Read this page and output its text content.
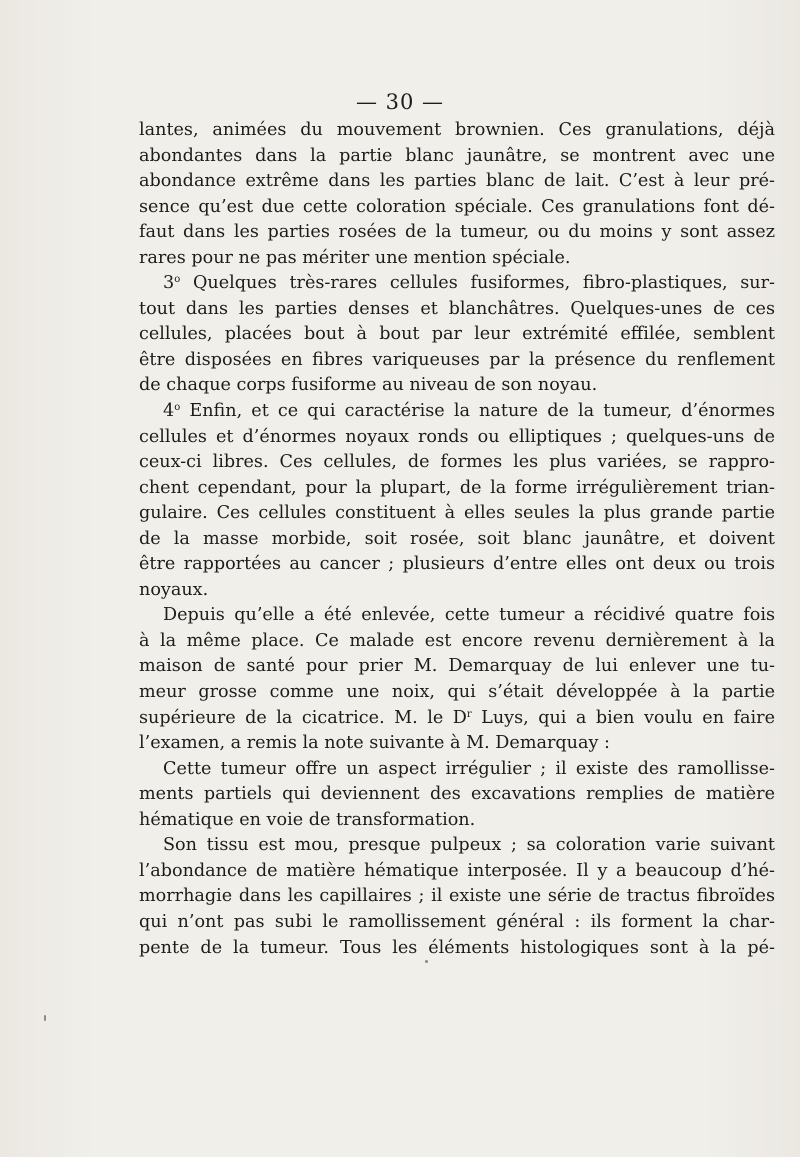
— 30 —
lantes, animées du mouvement brownien. Ces granulations, déjà
abondantes dans la partie blanc jaunâtre, se montrent avec une
abondance extrême dans les parties blanc de lait. C’est à leur pré-
sence qu’est due cette coloration spéciale. Ces granulations font dé-
faut dans les parties rosées de la tumeur, ou du moins y sont assez
rares pour ne pas mériter une mention spéciale.
3$^o$ Quelques très-rares cellules fusiformes, fibro-plastiques, sur-
tout dans les parties denses et blanchâtres. Quelques-unes de ces
cellules, placées bout à bout par leur extrémité effilée, semblent
être disposées en fibres variqueuses par la présence du renflement
de chaque corps fusiforme au niveau de son noyau.
4$^o$ Enfin, et ce qui caractérise la nature de la tumeur, d’énormes
cellules et d’énormes noyaux ronds ou elliptiques ; quelques-uns de
ceux-ci libres. Ces cellules, de formes les plus variées, se rappro-
chent cependant, pour la plupart, de la forme irrégulièrement trian-
gulaire. Ces cellules constituent à elles seules la plus grande partie
de la masse morbide, soit rosée, soit blanc jaunâtre, et doivent
être rapportées au cancer ; plusieurs d’entre elles ont deux ou trois
noyaux.
Depuis qu’elle a été enlevée, cette tumeur a récidivé quatre fois
à la même place. Ce malade est encore revenu dernièrement à la
maison de santé pour prier M. Demarquay de lui enlever une tu-
meur grosse comme une noix, qui s’était développée à la partie
supérieure de la cicatrice. M. le $D^r$ Luys, qui a bien voulu en faire
l’examen, a remis la note suivante à M. Demarquay :
Cette tumeur offre un aspect irrégulier ; il existe des ramollisse-
ments partiels qui deviennent des excavations remplies de matière
hématique en voie de transformation.
Son tissu est mou, presque pulpeux ; sa coloration varie suivant
l’abondance de matière hématique interposée. Il y a beaucoup d’hé-
morrhagie dans les capillaires ; il existe une série de tractus fibroïdes
qui n’ont pas subi le ramollissement général : ils forment la char-
pente de la tumeur. Tous les éléments histologiques sont à la pé-
